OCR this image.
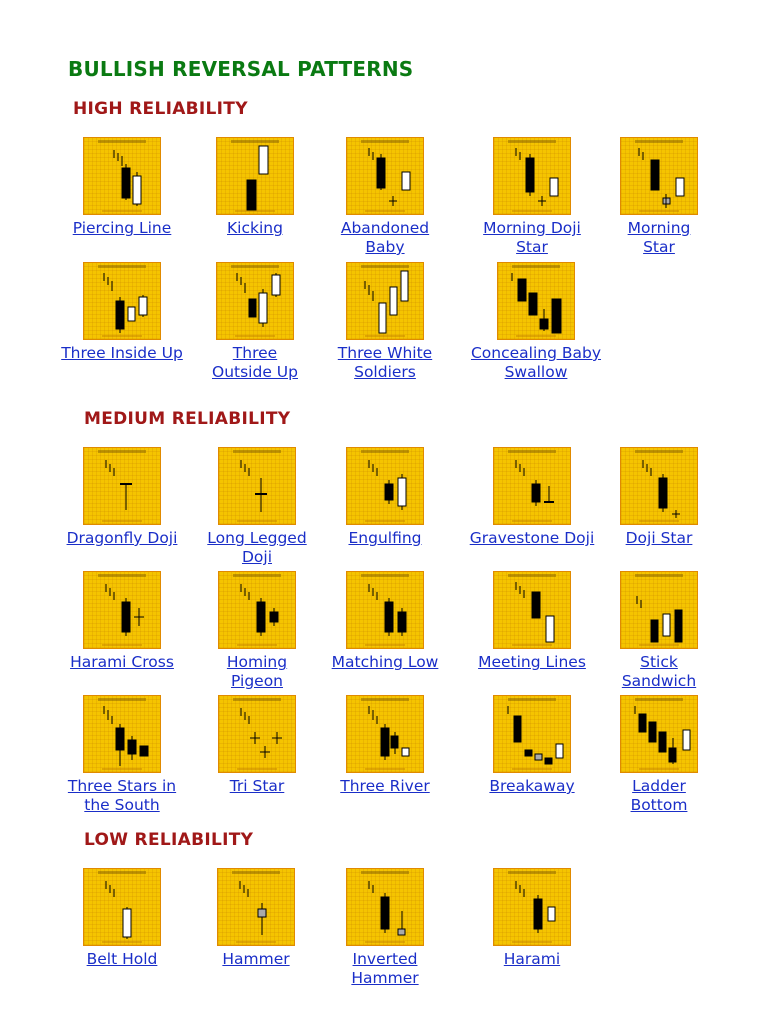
BULLISH REVERSAL PATTERNS
HIGH RELIABILITY
MEDIUM RELIABILITY
LOW RELIABILITY
Piercing Line	Kicking	Abandoned
Baby
Morning Doji
Star
Morning
Star
Three Inside Up	Three
Outside Up
Three White
Soldiers
Concealing Baby
Swallow
Dragonfly Doji	Long Legged
Doji
Engulfing	Gravestone Doji	Doji Star
Harami Cross	Homing
Pigeon
Matching Low	Meeting Lines	Stick
Sandwich
Three Stars in
the South
Tri Star	Three River	Breakaway	Ladder
Bottom
Belt Hold	Hammer	Inverted
Hammer
Harami
